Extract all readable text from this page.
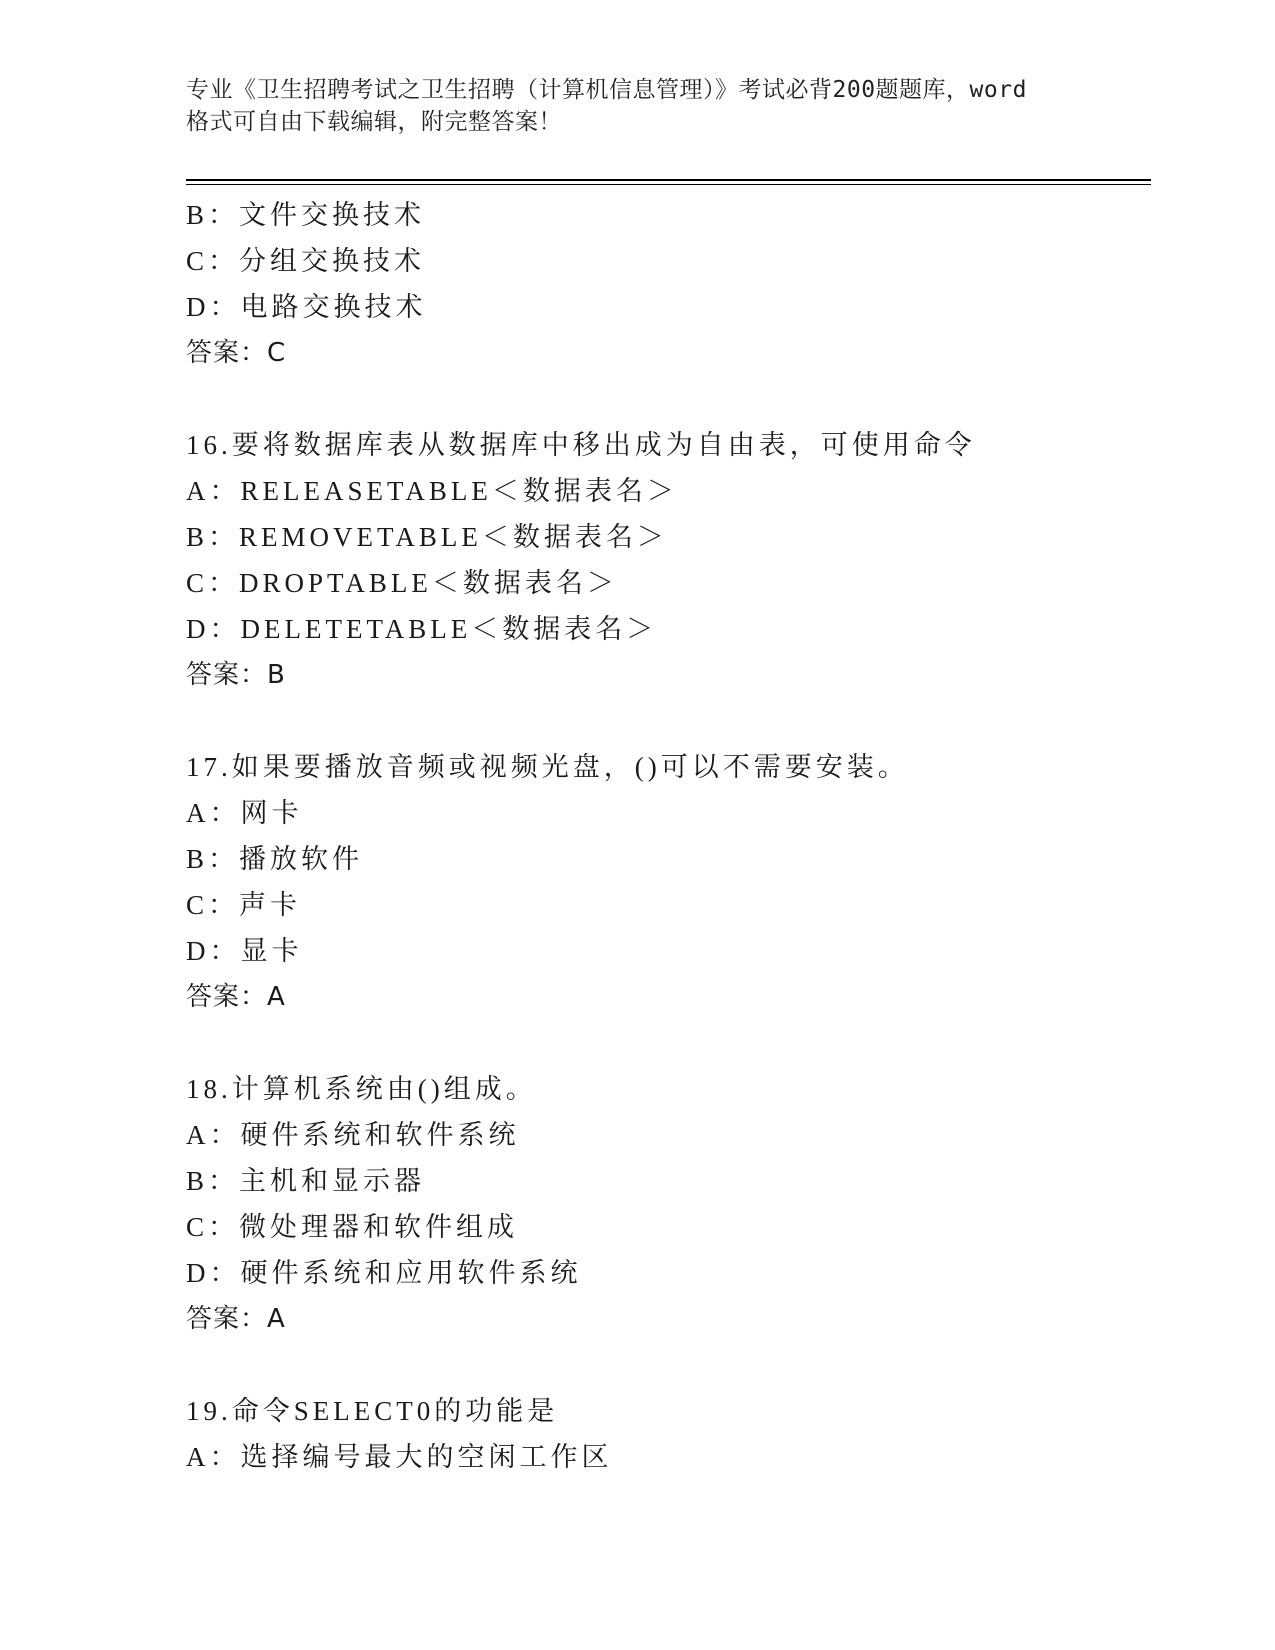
专业《卫生招聘考试之卫生招聘（计算机信息管理）》考试必背200题题库，word
格式可自由下载编辑，附完整答案！
B：文件交换技术
C：分组交换技术
D：电路交换技术
答案：C
16.要将数据库表从数据库中移出成为自由表，可使用命令
A：RELEASETABLE＜数据表名＞
B：REMOVETABLE＜数据表名＞
C：DROPTABLE＜数据表名＞
D：DELETETABLE＜数据表名＞
答案：B
17.如果要播放音频或视频光盘，()可以不需要安装。
A：网卡
B：播放软件
C：声卡
D：显卡
答案：A
18.计算机系统由()组成。
A：硬件系统和软件系统
B：主机和显示器
C：微处理器和软件组成
D：硬件系统和应用软件系统
答案：A
19.命令SELECT0的功能是
A：选择编号最大的空闲工作区
